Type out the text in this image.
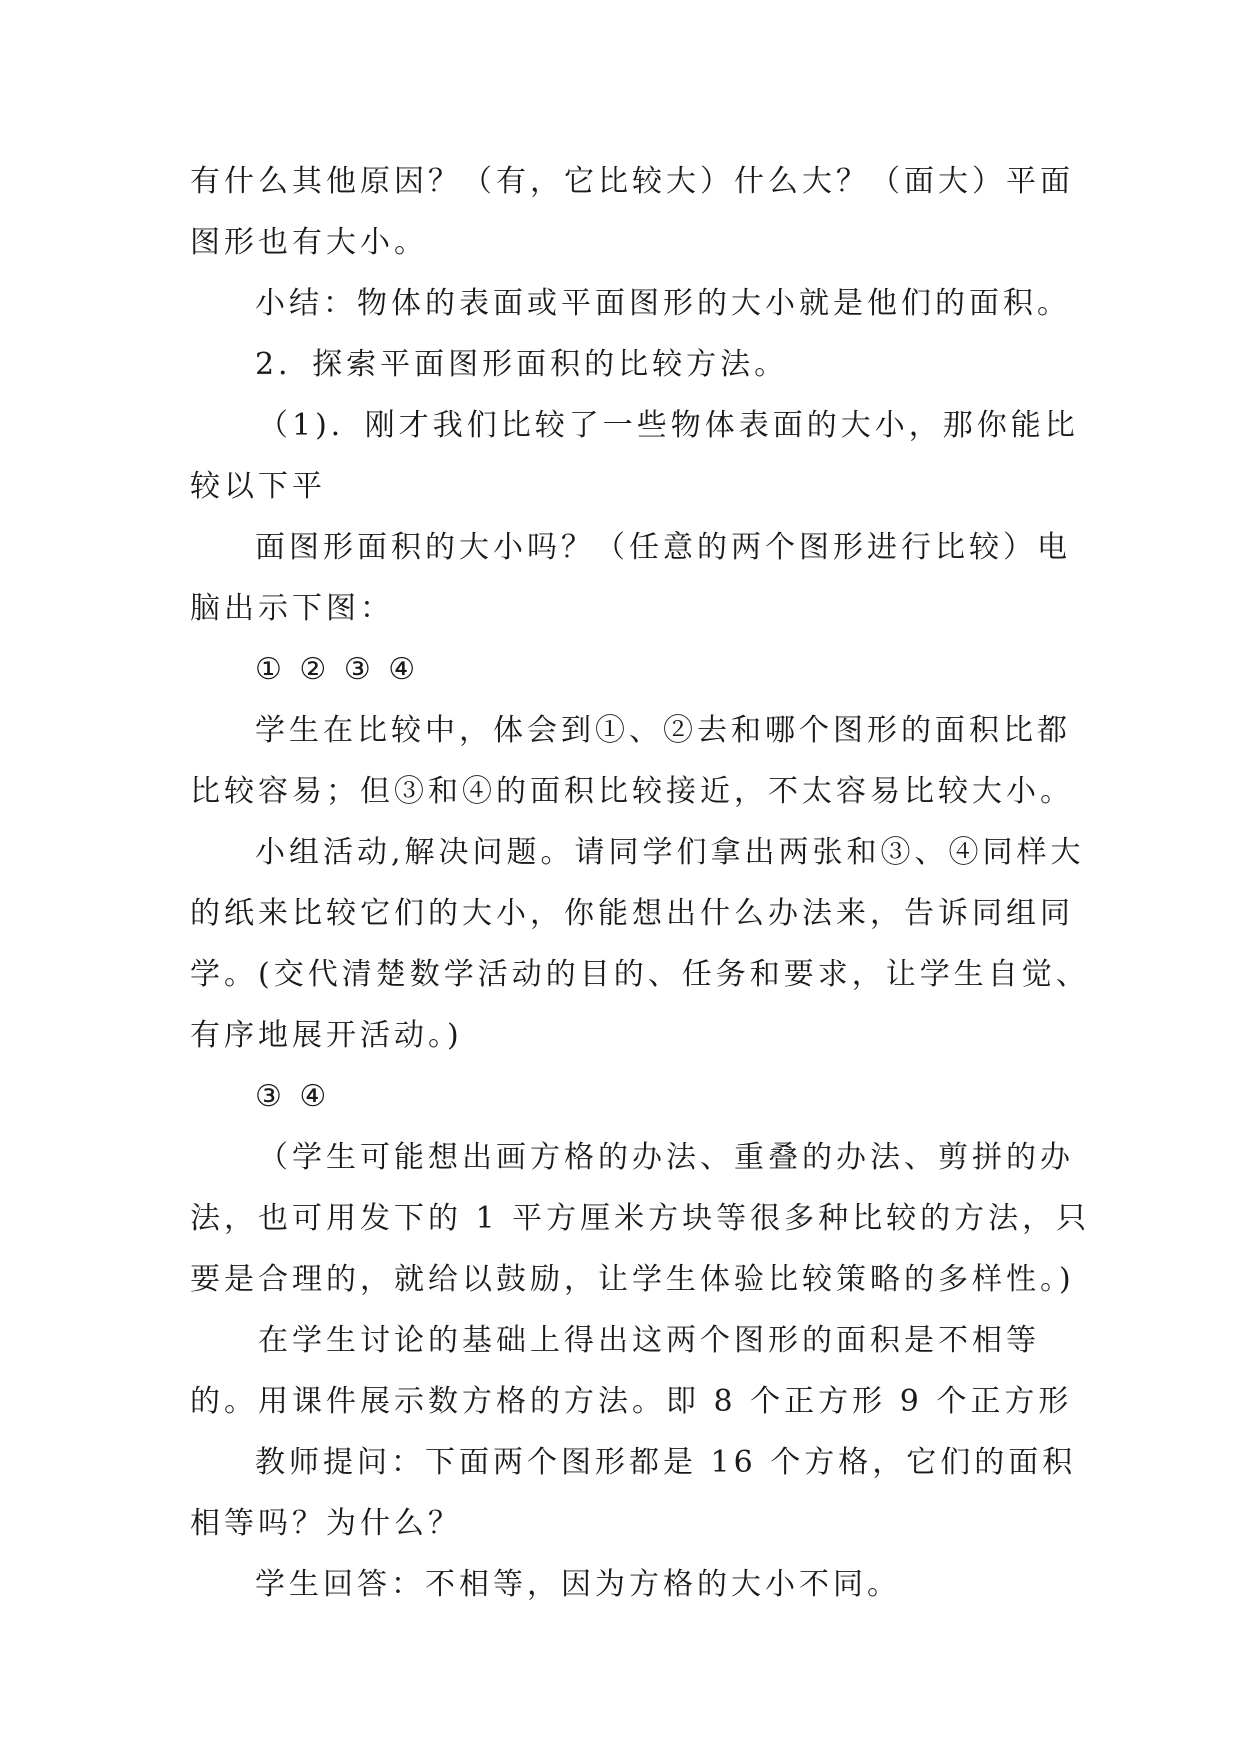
有什么其他原因？（有，它比较大）什么大？（面大）平面
图形也有大小。
小结：物体的表面或平面图形的大小就是他们的面积。
2．探索平面图形面积的比较方法。
（1)．刚才我们比较了一些物体表面的大小，那你能比
较以下平
面图形面积的大小吗？（任意的两个图形进行比较）电
脑出示下图：
① ② ③ ④
学生在比较中，体会到①、②去和哪个图形的面积比都
比较容易；但③和④的面积比较接近，不太容易比较大小。
小组活动,解决问题。请同学们拿出两张和③、④同样大
的纸来比较它们的大小，你能想出什么办法来，告诉同组同
学。(交代清楚数学活动的目的、任务和要求，让学生自觉、
有序地展开活动。)
③ ④
（学生可能想出画方格的办法、重叠的办法、剪拼的办
法，也可用发下的 1 平方厘米方块等很多种比较的方法，只
要是合理的，就给以鼓励，让学生体验比较策略的多样性。)
在学生讨论的基础上得出这两个图形的面积是不相等
的。用课件展示数方格的方法。即 8 个正方形 9 个正方形
教师提问：下面两个图形都是 16 个方格，它们的面积
相等吗？为什么？
学生回答：不相等，因为方格的大小不同。
